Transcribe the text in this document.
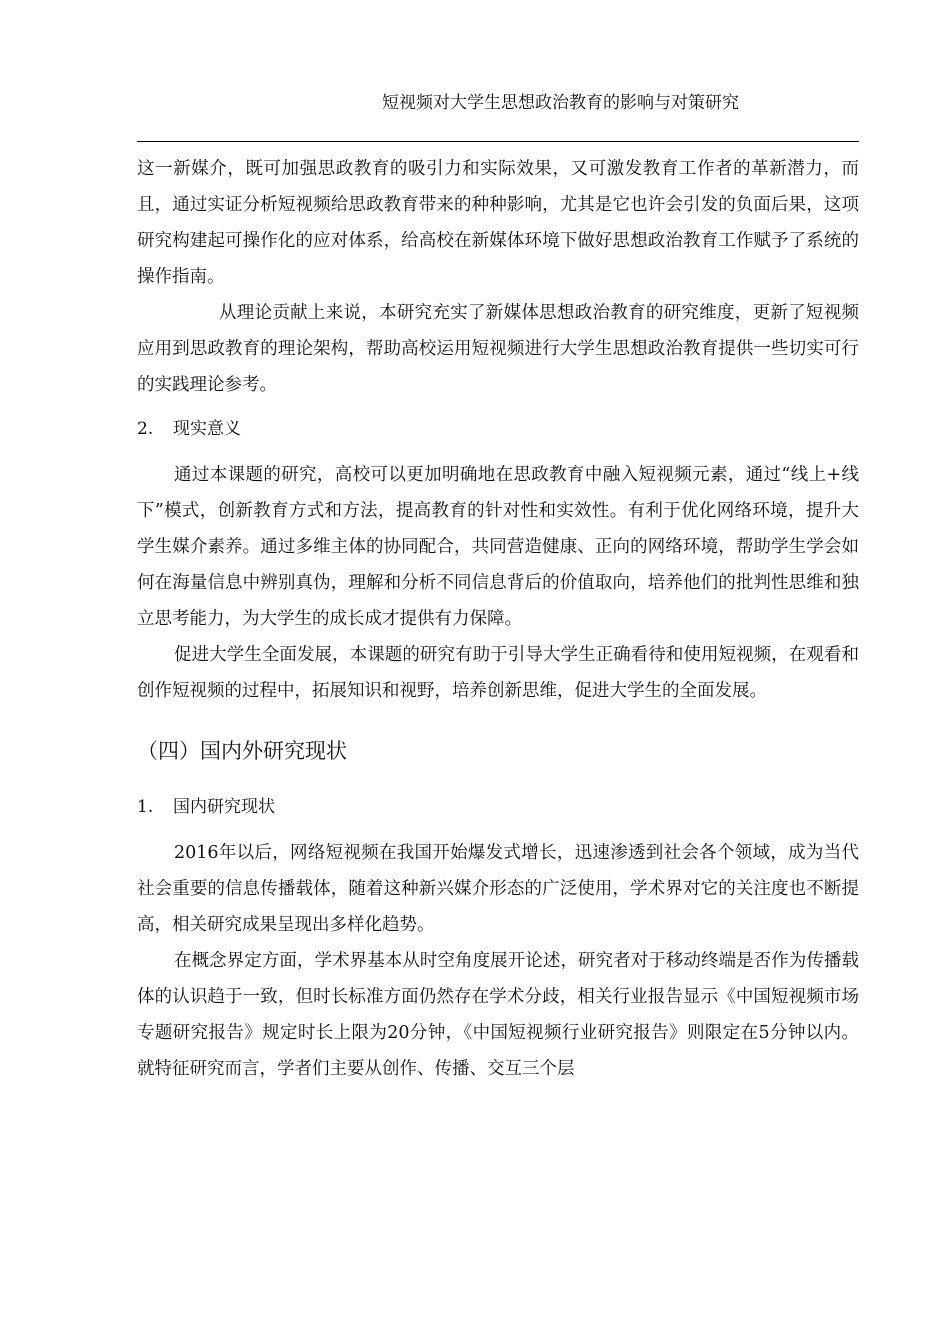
短视频对大学生思想政治教育的影响与对策研究

这一新媒介，既可加强思政教育的吸引力和实际效果，又可激发教育工作者的革新潜力，而且，通过实证分析短视频给思政教育带来的种种影响，尤其是它也许会引发的负面后果，这项研究构建起可操作化的应对体系，给高校在新媒体环境下做好思想政治教育工作赋予了系统的操作指南。

从理论贡献上来说，本研究充实了新媒体思想政治教育的研究维度，更新了短视频应用到思政教育的理论架构，帮助高校运用短视频进行大学生思想政治教育提供一些切实可行的实践理论参考。

2. 现实意义

通过本课题的研究，高校可以更加明确地在思政教育中融入短视频元素，通过“线上+线下”模式，创新教育方式和方法，提高教育的针对性和实效性。有利于优化网络环境，提升大学生媒介素养。通过多维主体的协同配合，共同营造健康、正向的网络环境，帮助学生学会如何在海量信息中辨别真伪，理解和分析不同信息背后的价值取向，培养他们的批判性思维和独立思考能力，为大学生的成长成才提供有力保障。

促进大学生全面发展，本课题的研究有助于引导大学生正确看待和使用短视频，在观看和创作短视频的过程中，拓展知识和视野，培养创新思维，促进大学生的全面发展。

（四）国内外研究现状
1. 国内研究现状

2016年以后，网络短视频在我国开始爆发式增长，迅速渗透到社会各个领域，成为当代社会重要的信息传播载体，随着这种新兴媒介形态的广泛使用，学术界对它的关注度也不断提高，相关研究成果呈现出多样化趋势。

在概念界定方面，学术界基本从时空角度展开论述，研究者对于移动终端是否作为传播载体的认识趋于一致，但时长标准方面仍然存在学术分歧，相关行业报告显示《中国短视频市场专题研究报告》规定时长上限为20分钟，《中国短视频行业研究报告》则限定在5分钟以内。就特征研究而言，学者们主要从创作、传播、交互三个层
